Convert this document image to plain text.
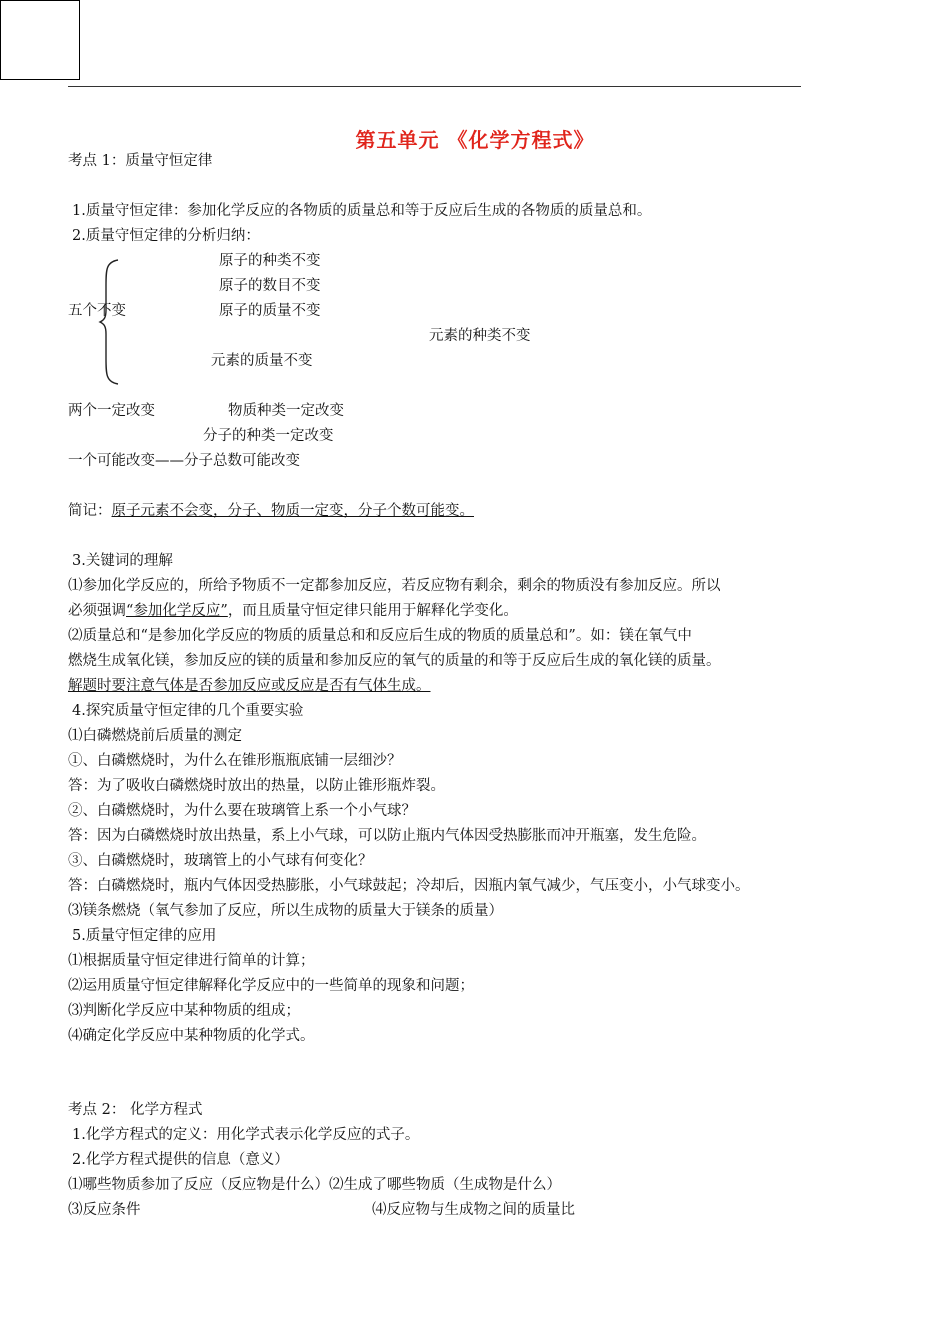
第五单元 《化学方程式》
考点 1：质量守恒定律
1.质量守恒定律：参加化学反应的各物质的质量总和等于反应后生成的各物质的质量总和。
2.质量守恒定律的分析归纳：
原子的种类不变
原子的数目不变
五个不变	原子的质量不变
元素的种类不变
元素的质量不变
两个一定改变	物质种类一定改变
分子的种类一定改变
一个可能改变——分子总数可能改变
简记：原子元素不会变，分子、物质一定变，分子个数可能变。
3.关键词的理解
⑴参加化学反应的，所给予物质不一定都参加反应，若反应物有剩余，剩余的物质没有参加反应。所以
必须强调“参加化学反应”，而且质量守恒定律只能用于解释化学变化。
⑵质量总和“是参加化学反应的物质的质量总和和反应后生成的物质的质量总和”。如：镁在氧气中
燃烧生成氧化镁，参加反应的镁的质量和参加反应的氧气的质量的和等于反应后生成的氧化镁的质量。
解题时要注意气体是否参加反应或反应是否有气体生成。
4.探究质量守恒定律的几个重要实验
⑴白磷燃烧前后质量的测定
①、白磷燃烧时，为什么在锥形瓶瓶底铺一层细沙？
答：为了吸收白磷燃烧时放出的热量，以防止锥形瓶炸裂。
②、白磷燃烧时，为什么要在玻璃管上系一个小气球？
答：因为白磷燃烧时放出热量，系上小气球，可以防止瓶内气体因受热膨胀而冲开瓶塞，发生危险。
③、白磷燃烧时，玻璃管上的小气球有何变化？
答：白磷燃烧时，瓶内气体因受热膨胀，小气球鼓起；冷却后，因瓶内氧气减少，气压变小，小气球变小。
⑶镁条燃烧（氧气参加了反应，所以生成物的质量大于镁条的质量）
5.质量守恒定律的应用
⑴根据质量守恒定律进行简单的计算；
⑵运用质量守恒定律解释化学反应中的一些简单的现象和问题；
⑶判断化学反应中某种物质的组成；
⑷确定化学反应中某种物质的化学式。
考点 2： 化学方程式
1.化学方程式的定义：用化学式表示化学反应的式子。
2.化学方程式提供的信息（意义）
⑴哪些物质参加了反应（反应物是什么）⑵生成了哪些物质（生成物是什么）
⑶反应条件	⑷反应物与生成物之间的质量比
